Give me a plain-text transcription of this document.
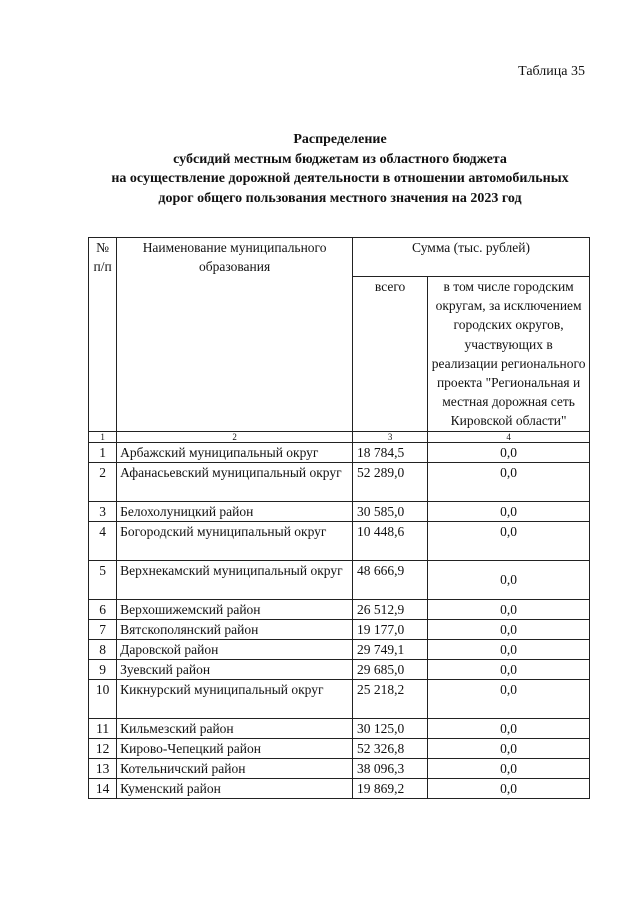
Таблица 35
Распределение
субсидий местным бюджетам из областного бюджета
на осуществление дорожной деятельности в отношении автомобильных
дорог общего пользования местного значения на 2023 год
№ п/п	Наименование муниципального образования	Сумма (тыс. рублей)	
		всего	в том числе городским округам, за исключением городских округов, участвующих в реализации регионального проекта "Региональная и местная дорожная сеть Кировской области"
1	2	3	4
1	Арбажский муниципальный округ	18 784,5	0,0
2	Афанасьевский муниципальный округ	52 289,0	0,0
3	Белохолуницкий район	30 585,0	0,0
4	Богородский муниципальный округ	10 448,6	0,0
5	Верхнекамский муниципальный округ	48 666,9	0,0
6	Верхошижемский район	26 512,9	0,0
7	Вятскополянский район	19 177,0	0,0
8	Даровской район	29 749,1	0,0
9	Зуевский район	29 685,0	0,0
10	Кикнурский муниципальный округ	25 218,2	0,0
11	Кильмезский район	30 125,0	0,0
12	Кирово-Чепецкий район	52 326,8	0,0
13	Котельничский район	38 096,3	0,0
14	Куменский район	19 869,2	0,0
